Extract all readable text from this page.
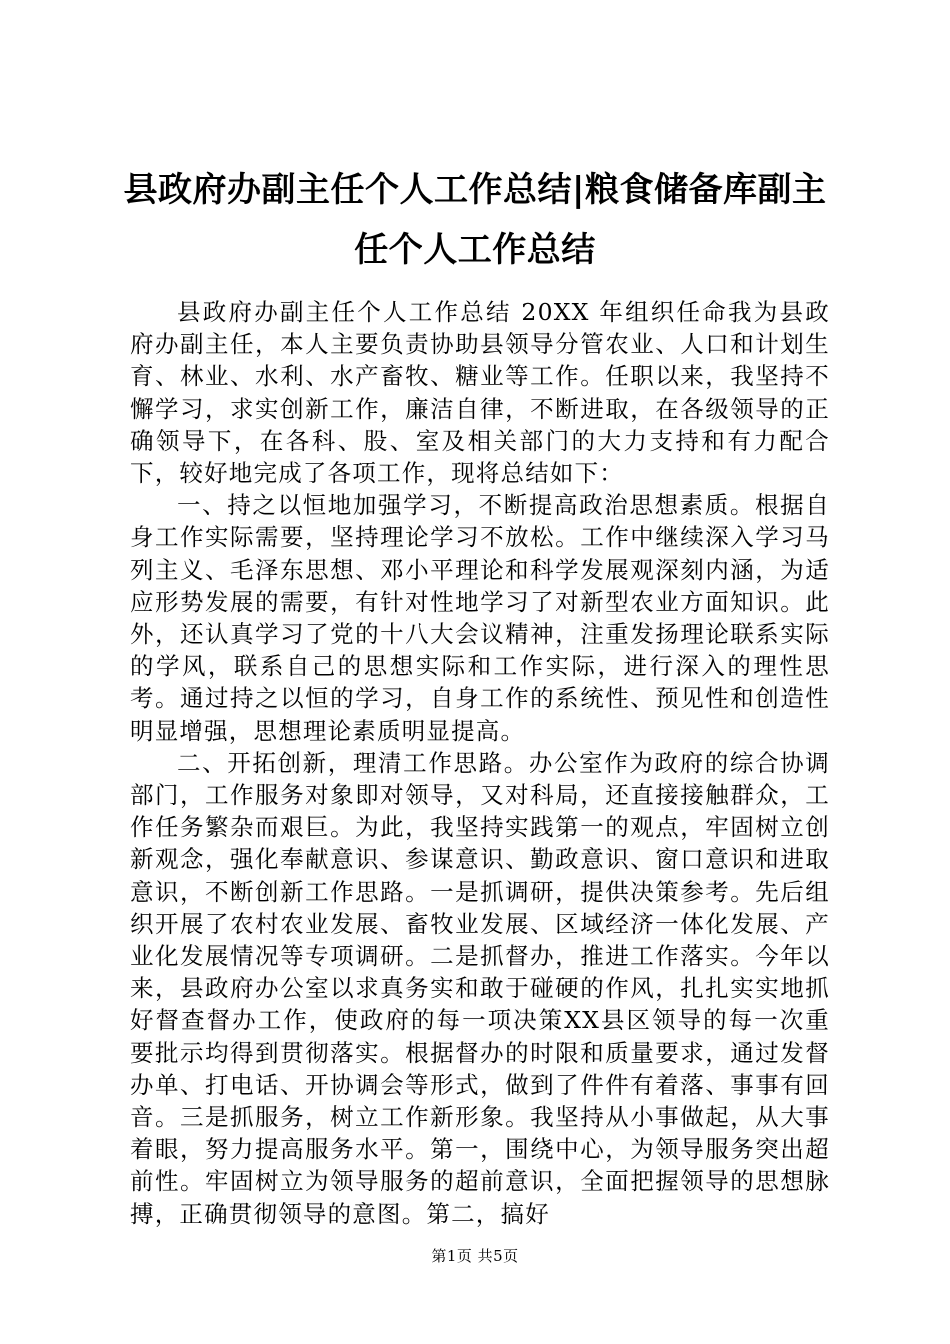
县政府办副主任个人工作总结|粮食储备库副主任个人工作总结

县政府办副主任个人工作总结 20XX 年组织任命我为县政府办副主任，本人主要负责协助县领导分管农业、人口和计划生育、林业、水利、水产畜牧、糖业等工作。任职以来，我坚持不懈学习，求实创新工作，廉洁自律，不断进取，在各级领导的正确领导下，在各科、股、室及相关部门的大力支持和有力配合下，较好地完成了各项工作，现将总结如下：

一、持之以恒地加强学习，不断提高政治思想素质。根据自身工作实际需要，坚持理论学习不放松。工作中继续深入学习马列主义、毛泽东思想、邓小平理论和科学发展观深刻内涵，为适应形势发展的需要，有针对性地学习了对新型农业方面知识。此外，还认真学习了党的十八大会议精神，注重发扬理论联系实际的学风，联系自己的思想实际和工作实际，进行深入的理性思考。通过持之以恒的学习，自身工作的系统性、预见性和创造性明显增强，思想理论素质明显提高。

二、开拓创新，理清工作思路。办公室作为政府的综合协调部门，工作服务对象即对领导，又对科局，还直接接触群众，工作任务繁杂而艰巨。为此，我坚持实践第一的观点，牢固树立创新观念，强化奉献意识、参谋意识、勤政意识、窗口意识和进取意识，不断创新工作思路。一是抓调研，提供决策参考。先后组织开展了农村农业发展、畜牧业发展、区域经济一体化发展、产业化发展情况等专项调研。二是抓督办，推进工作落实。今年以来，县政府办公室以求真务实和敢于碰硬的作风，扎扎实实地抓好督查督办工作，使政府的每一项决策XX县区领导的每一次重要批示均得到贯彻落实。根据督办的时限和质量要求，通过发督办单、打电话、开协调会等形式，做到了件件有着落、事事有回音。三是抓服务，树立工作新形象。我坚持从小事做起，从大事着眼，努力提高服务水平。第一，围绕中心，为领导服务突出超前性。牢固树立为领导服务的超前意识，全面把握领导的思想脉搏，正确贯彻领导的意图。第二，搞好

第1页 共5页
